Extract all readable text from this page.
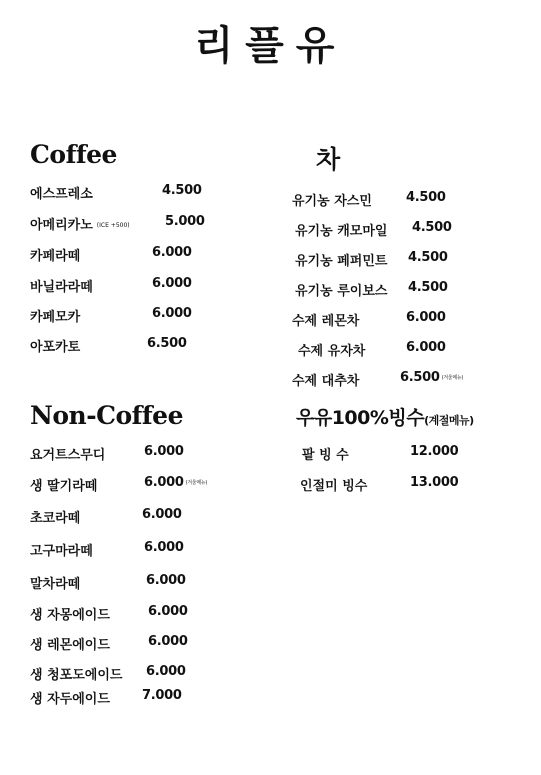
리플유
Coffee
에스프레소	4.500
아메리카노 (ICE +500)	5.000
카페라떼	6.000
바닐라라떼	6.000
카페모카	6.000
아포카토	6.500
차
유기농 자스민	4.500
유기농 캐모마일 4.500
유기농 페퍼민트 4.500
유기농 루이보스 4.500
수제 레몬차	6.000
수제 유자차	6.000
수제 대추차	6.500 (겨울메뉴)
Non-Coffee
요거트스무디	6.000
생 딸기라떼	6.000 (겨울메뉴)
초코라떼	6.000
고구마라떼	6.000
말차라떼	6.000
생 자몽에이드	6.000
생 레몬에이드	6.000
생 청포도에이드 6.000
생 자두에이드 7.000
우유100%빙수(계절메뉴)
팥 빙 수	12.000
인절미 빙수	13.000
